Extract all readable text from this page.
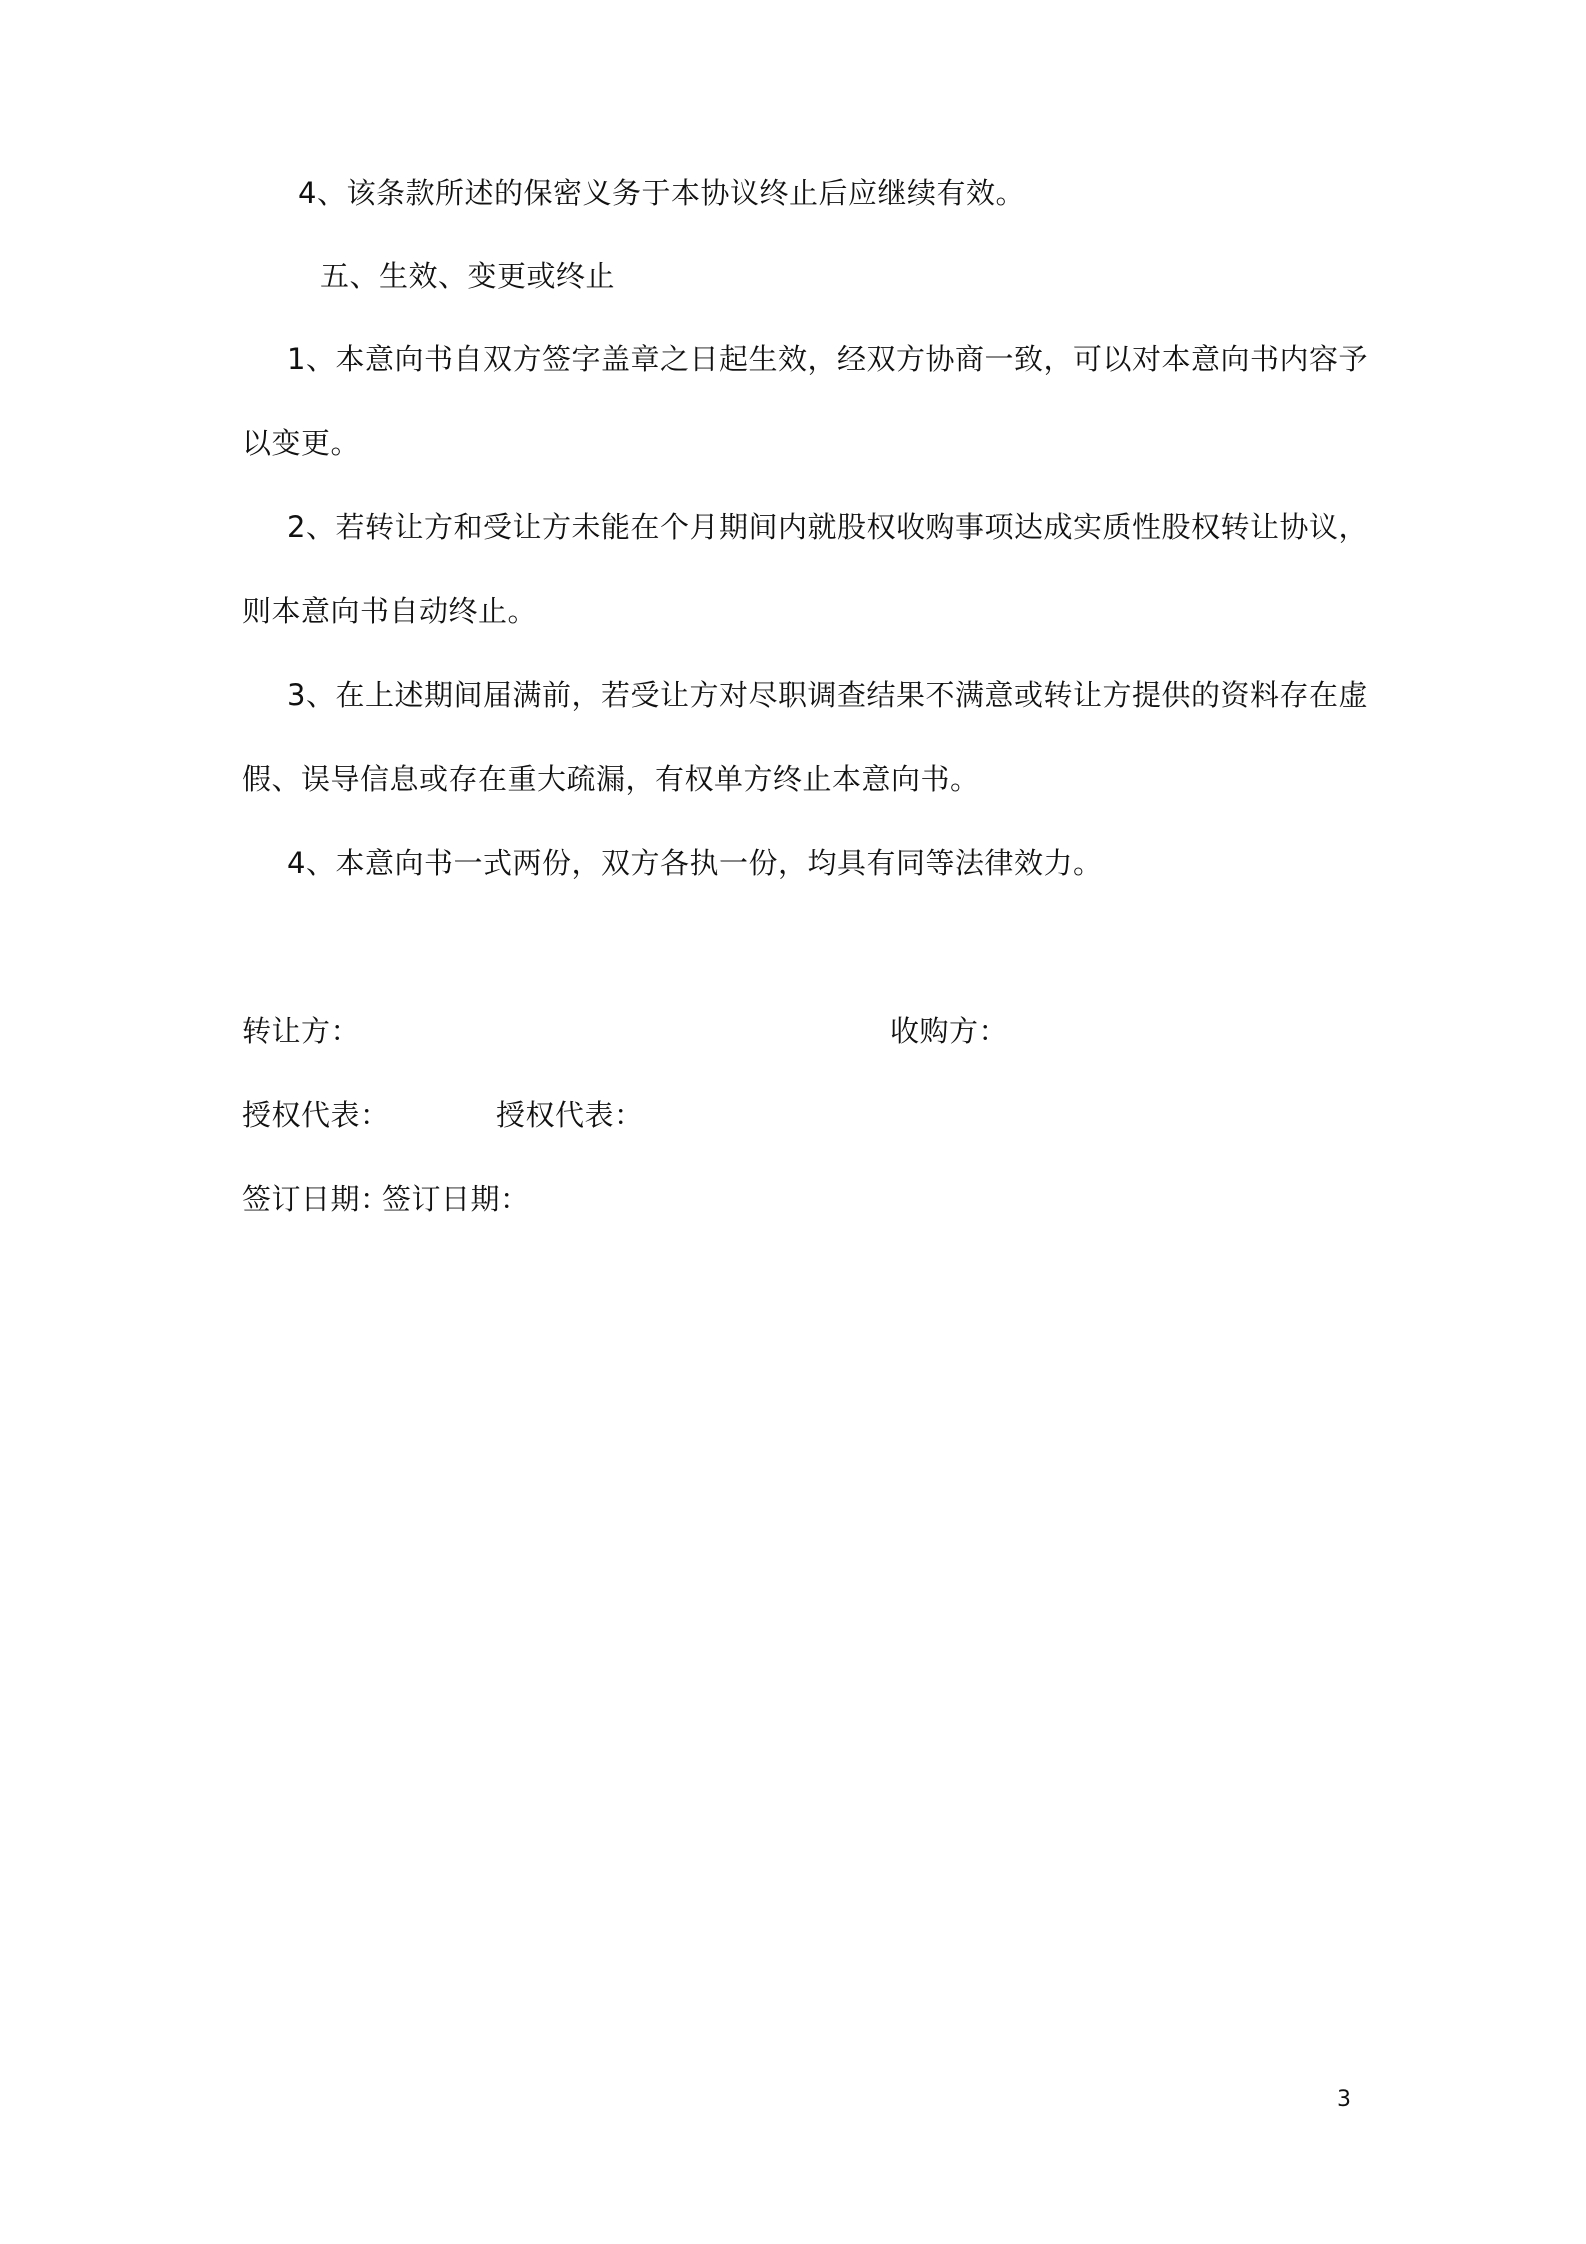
4、该条款所述的保密义务于本协议终止后应继续有效。
五、生效、变更或终止
1、本意向书自双方签字盖章之日起生效，经双方协商一致，可以对本意向书内容予
以变更。
2、若转让方和受让方未能在个月期间内就股权收购事项达成实质性股权转让协议，
则本意向书自动终止。
3、在上述期间届满前，若受让方对尽职调查结果不满意或转让方提供的资料存在虚
假、误导信息或存在重大疏漏，有权单方终止本意向书。
4、本意向书一式两份，双方各执一份，均具有同等法律效力。
转让方：	收购方：
授权代表：	授权代表：
签订日期：
签订日期：
3
